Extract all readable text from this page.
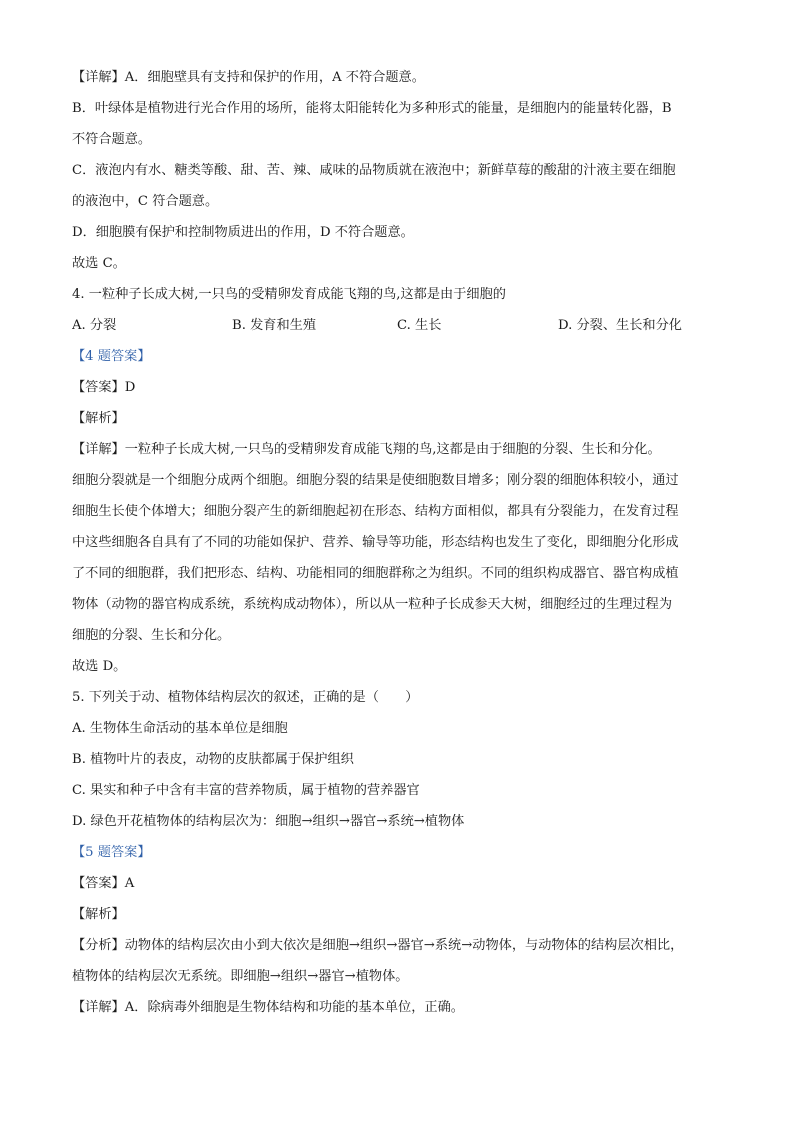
【详解】A．细胞壁具有支持和保护的作用，A 不符合题意。
B．叶绿体是植物进行光合作用的场所，能将太阳能转化为多种形式的能量，是细胞内的能量转化器，B
不符合题意。
C．液泡内有水、糖类等酸、甜、苦、辣、咸味的品物质就在液泡中；新鲜草莓的酸甜的汁液主要在细胞
的液泡中，C 符合题意。
D．细胞膜有保护和控制物质进出的作用，D 不符合题意。
故选 C。
4. 一粒种子长成大树,一只鸟的受精卵发育成能飞翔的鸟,这都是由于细胞的
A. 分裂	B. 发育和生殖	C. 生长	D. 分裂、生长和分化
【4 题答案】
【答案】D
【解析】
【详解】一粒种子长成大树,一只鸟的受精卵发育成能飞翔的鸟,这都是由于细胞的分裂、生长和分化。
细胞分裂就是一个细胞分成两个细胞。细胞分裂的结果是使细胞数目增多；刚分裂的细胞体积较小，通过
细胞生长使个体增大；细胞分裂产生的新细胞起初在形态、结构方面相似，都具有分裂能力，在发育过程
中这些细胞各自具有了不同的功能如保护、营养、输导等功能，形态结构也发生了变化，即细胞分化形成
了不同的细胞群，我们把形态、结构、功能相同的细胞群称之为组织。不同的组织构成器官、器官构成植
物体（动物的器官构成系统，系统构成动物体），所以从一粒种子长成参天大树，细胞经过的生理过程为
细胞的分裂、生长和分化。
故选 D。
5. 下列关于动、植物体结构层次的叙述，正确的是（　　）
A. 生物体生命活动的基本单位是细胞
B. 植物叶片的表皮，动物的皮肤都属于保护组织
C. 果实和种子中含有丰富的营养物质，属于植物的营养器官
D. 绿色开花植物体的结构层次为：细胞→组织→器官→系统→植物体
【5 题答案】
【答案】A
【解析】
【分析】动物体的结构层次由小到大依次是细胞→组织→器官→系统→动物体，与动物体的结构层次相比，
植物体的结构层次无系统。即细胞→组织→器官→植物体。
【详解】A．除病毒外细胞是生物体结构和功能的基本单位，正确。
